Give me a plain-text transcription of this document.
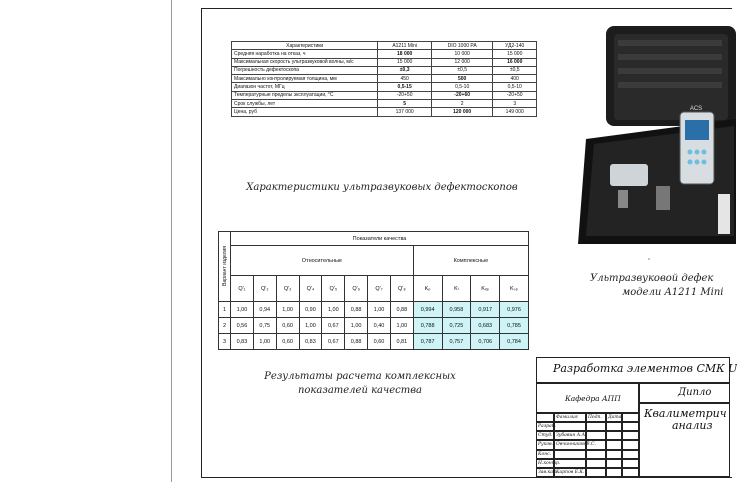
Характеристики	A1211 Mini	DIO 1000 PA	УД2-140
Средняя наработка на отказ, ч	18 000	10 000	15 000
Максимальная скорость ультразвуковой волны, м/с	15 000	12 000	16 000
Погрешность дефектоскопа	±0,3	±0,5	±0,5
Максимально контролируемая толщина, мм	450	500	400
Диапазон частот, МГц	0,5-15	0,5-10	0,5-10
Температурные пределы эксплуатации, °С	-20+50	-20+60	-20+50
Срок службы, лет	5	2	3
Цена, руб	137 000	120 000	149 000
Характеристики ультразвуковых дефектоскопов
ACS
Ультразвуковой дефек
модели A1211 Mini
Вариант изделия	Показатели качества											
	Относительные								Комплексные			
	Q'₁	Q'₂	Q'₃	Q'₄	Q'₅	Q'₆	Q'₇	Q'₈	Kₚ	Kₗ	Kₓₚ	Kₛₚ
1	1,00	0,94	1,00	0,90	1,00	0,88	1,00	0,88	0,994	0,958	0,917	0,976
2	0,56	0,75	0,60	1,00	0,67	1,00	0,40	1,00	0,788	0,725	0,683	0,785
3	0,83	1,00	0,60	0,83	0,67	0,88	0,60	0,81	0,787	0,757	0,706	0,784
Результаты расчета комплексных
показателей качества
Разработка элементов СМК U
Кафедра АПП
Дипло
Квалиметрич
анализ
Фамилия	Подп.	Дата
Разраб.
Студ. Зубавин А.А.
Руков. Овчинников В.С.
Конс.
Н.контр.
Зав.каф.
Карпов Е.К.
